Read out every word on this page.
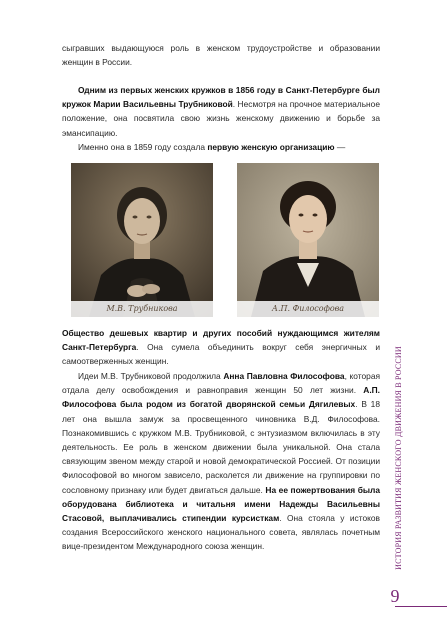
сыгравших выдающуюся роль в женском трудоустройстве и образовании женщин в России.

Одним из первых женских кружков в 1856 году в Санкт-Петербурге был кружок Марии Васильевны Трубниковой. Несмотря на прочное материальное положение, она посвятила свою жизнь женскому движению и борьбе за эмансипацию.

Именно она в 1859 году создала первую женскую организацию —

М.В. Трубникова	А.П. Философова

Общество дешевых квартир и других пособий нуждающимся жителям Санкт-Петербурга. Она сумела объединить вокруг себя энергичных и самоотверженных женщин.

Идеи М.В. Трубниковой продолжила Анна Павловна Философова, которая отдала делу освобождения и равноправия женщин 50 лет жизни. А.П. Философова была родом из богатой дворянской семьи Дягилевых. В 18 лет она вышла замуж за просвещенного чиновника В.Д. Философова. Познакомившись с кружком М.В. Трубниковой, с энтузиазмом включилась в эту деятельность. Ее роль в женском движении была уникальной. Она стала связующим звеном между старой и новой демократической Россией. От позиции Философовой во многом зависело, расколется ли движение на группировки по сословному признаку или будет двигаться дальше. На ее пожертвования была оборудована библиотека и читальня имени Надежды Васильевны Стасовой, выплачивались стипендии курсисткам. Она стояла у истоков создания Всероссийского женского национального совета, являлась почетным вице-президентом Международного союза женщин.	ИСТОРИЯ РАЗВИТИЯ ЖЕНСКОГО ДВИЖЕНИЯ В РОССИИ
9
